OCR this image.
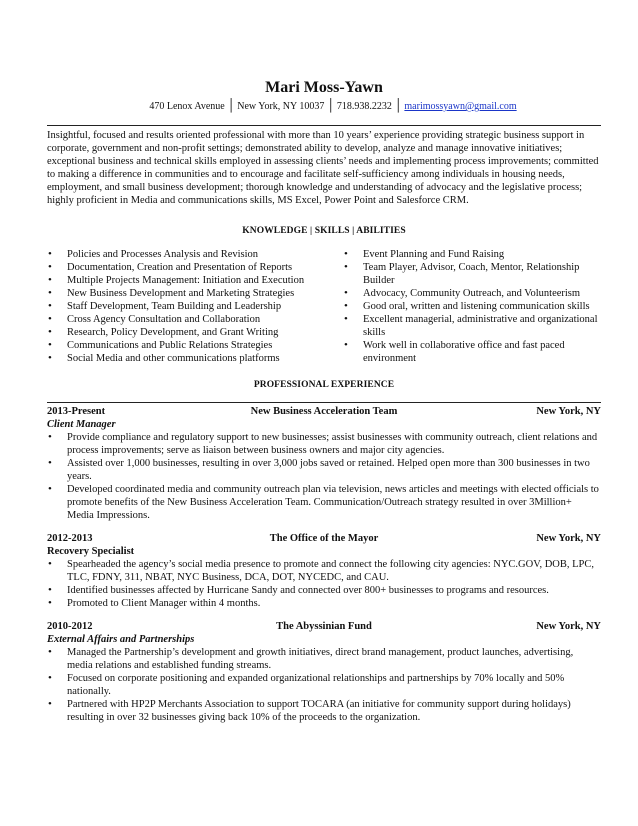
Mari Moss-Yawn
470 Lenox Avenue │ New York, NY 10037 │ 718.938.2232 │ marimossyawn@gmail.com

Insightful, focused and results oriented professional with more than 10 years’ experience providing strategic business support in corporate, government and non-profit settings; demonstrated ability to develop, analyze and manage innovative initiatives; exceptional business and technical skills employed in assessing clients’ needs and implementing process improvements; committed to making a difference in communities and to encourage and facilitate self-sufficiency among individuals in housing needs, employment, and small business development; thorough knowledge and understanding of advocacy and the legislative process; highly proficient in Media and communications skills, MS Excel, Power Point and Salesforce CRM.

KNOWLEDGE | SKILLS | ABILITIES
• Policies and Processes Analysis and Revision
• Documentation, Creation and Presentation of Reports
• Multiple Projects Management: Initiation and Execution
• New Business Development and Marketing Strategies
• Staff Development, Team Building and Leadership
• Cross Agency Consultation and Collaboration
• Research, Policy Development, and Grant Writing
• Communications and Public Relations Strategies
• Social Media and other communications platforms
• Event Planning and Fund Raising
• Team Player, Advisor, Coach, Mentor, Relationship Builder
• Advocacy, Community Outreach, and Volunteerism
• Good oral, written and listening communication skills
• Excellent managerial, administrative and organizational skills
• Work well in collaborative office and fast paced environment
PROFESSIONAL EXPERIENCE
2013-Present	New Business Acceleration Team	New York, NY
Client Manager
• Provide compliance and regulatory support to new businesses; assist businesses with community outreach, client relations and process improvements; serve as liaison between business owners and major city agencies.
• Assisted over 1,000 businesses, resulting in over 3,000 jobs saved or retained. Helped open more than 300 businesses in two years.
• Developed coordinated media and community outreach plan via television, news articles and meetings with elected officials to promote benefits of the New Business Acceleration Team. Communication/Outreach strategy resulted in over 3Million+ Media Impressions.
2012-2013	The Office of the Mayor	New York, NY
Recovery Specialist
• Spearheaded the agency’s social media presence to promote and connect the following city agencies: NYC.GOV, DOB, LPC, TLC, FDNY, 311, NBAT, NYC Business, DCA, DOT, NYCEDC, and CAU.
• Identified businesses affected by Hurricane Sandy and connected over 800+ businesses to programs and resources.
• Promoted to Client Manager within 4 months.
2010-2012	The Abyssinian Fund	New York, NY
External Affairs and Partnerships
• Managed the Partnership’s development and growth initiatives, direct brand management, product launches, advertising, media relations and established funding streams.
• Focused on corporate positioning and expanded organizational relationships and partnerships by 70% locally and 50% nationally.
• Partnered with HP2P Merchants Association to support TOCARA (an initiative for community support during holidays) resulting in over 32 businesses giving back 10% of the proceeds to the organization.
